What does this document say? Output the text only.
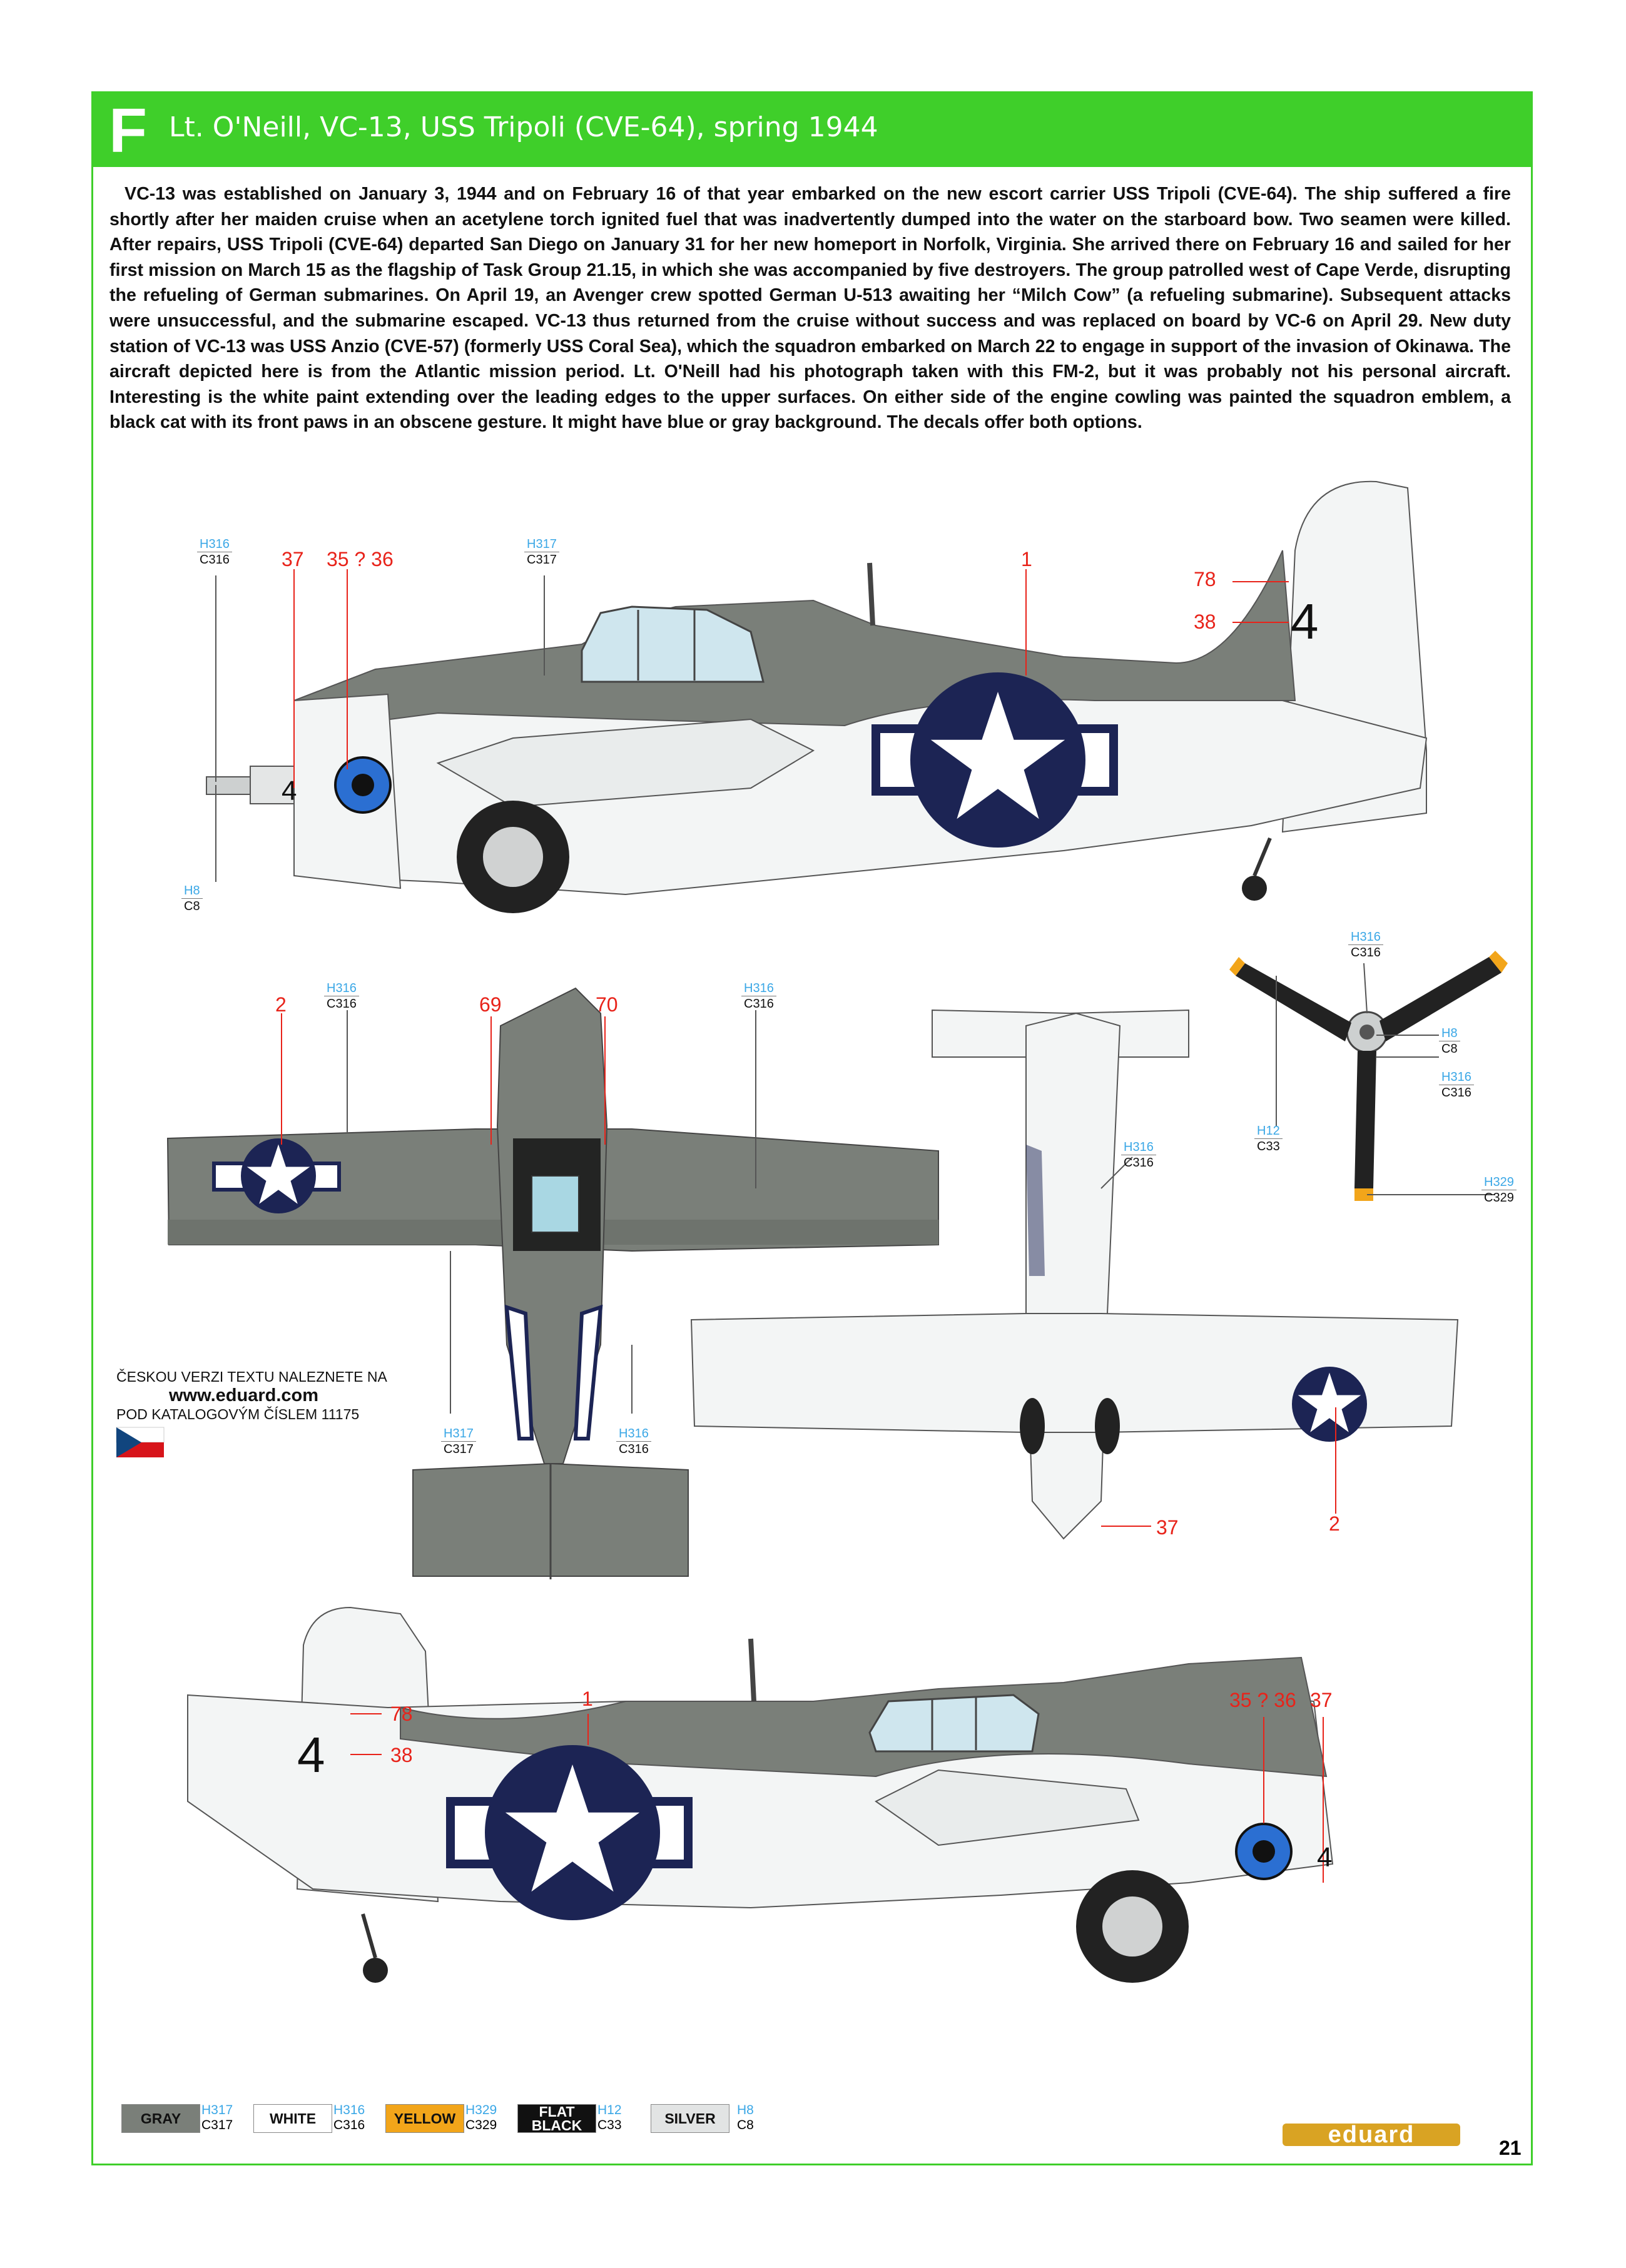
F Lt. O'Neill, VC-13, USS Tripoli (CVE-64), spring 1944
VC-13 was established on January 3, 1944 and on February 16 of that year embarked on the new escort carrier USS Tripoli (CVE-64). The ship suffered a fire shortly after her maiden cruise when an acetylene torch ignited fuel that was inadvertently dumped into the water on the starboard bow. Two seamen were killed. After repairs, USS Tripoli (CVE-64) departed San Diego on January 31 for her new homeport in Norfolk, Virginia. She arrived there on February 16 and sailed for her first mission on March 15 as the flagship of Task Group 21.15, in which she was accompanied by five destroyers. The group patrolled west of Cape Verde, disrupting the refueling of German submarines. On April 19, an Avenger crew spotted German U-513 awaiting her “Milch Cow” (a refueling submarine). Subsequent attacks were unsuccessful, and the submarine escaped. VC-13 thus returned from the cruise without success and was replaced on board by VC-6 on April 29. New duty station of VC-13 was USS Anzio (CVE-57) (formerly USS Coral Sea), which the squadron embarked on March 22 to engage in support of the invasion of Okinawa. The aircraft depicted here is from the Atlantic mission period. Lt. O'Neill had his photograph taken with this FM-2, but it was probably not his personal aircraft. Interesting is the white paint extending over the leading edges to the upper surfaces. On either side of the engine cowling was painted the squadron emblem, a black cat with its front paws in an obscene gesture. It might have blue or gray background. The decals offer both options.
4
4
4
4
H316
C316
H317
C317
H8
C8
H316
C316
H316
C316
H317
C317
H316
C316
H316
C316
H316
C316
H8
C8
H316
C316
H12
C33
H329
C329
37 35 ? 36	1
78
38
2	69	70
37	2
1
78
38
35 ? 36 37
ČESKOU VERZI TEXTU NALEZNETE NA
www.eduard.com
POD KATALOGOVÝM ČÍSLEM 11175
GRAY
H317
C317	WHITE
H316
C316	YELLOW
H329
C329
FLAT BLACK
H12
C33	SILVER
H8
C8	eduard
21
